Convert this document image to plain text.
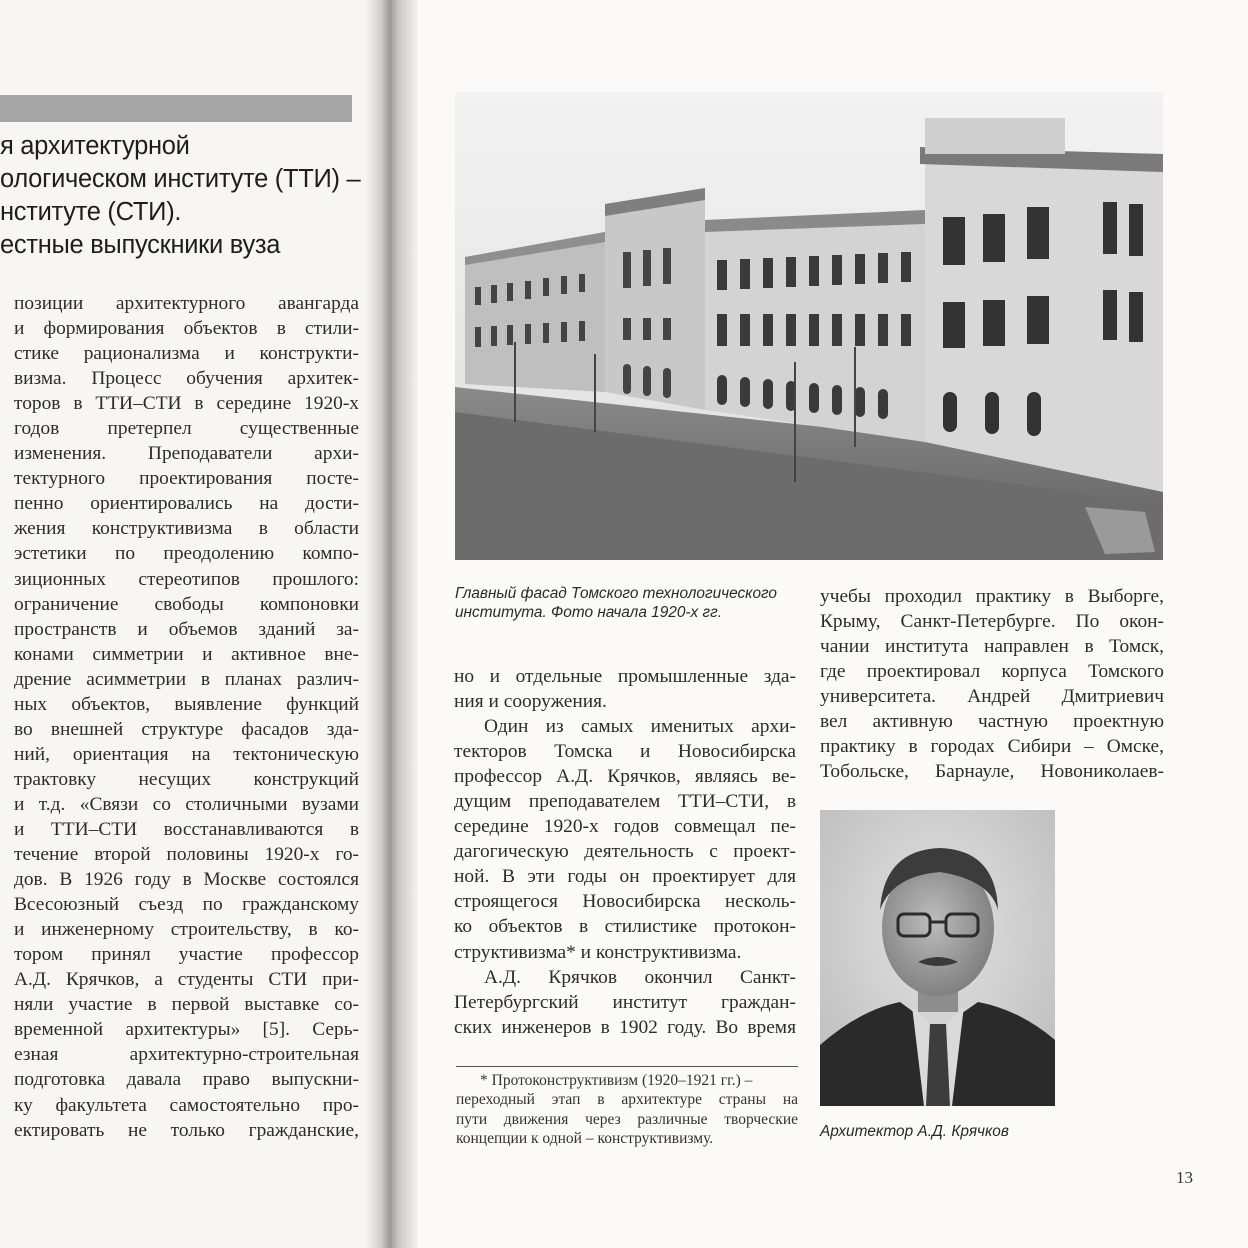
я архитектурной
ологическом институте (ТТИ) –
нституте (СТИ).
естные выпускники вуза
позиции архитектурного авангарда
и формирования объектов в стили-
стике рационализма и конструкти-
визма. Процесс обучения архитек-
торов в ТТИ–СТИ в середине 1920-х
годов претерпел существенные
изменения. Преподаватели архи-
тектурного проектирования посте-
пенно ориентировались на дости-
жения конструктивизма в области
эстетики по преодолению компо-
зиционных стереотипов прошлого:
ограничение свободы компоновки
пространств и объемов зданий за-
конами симметрии и активное вне-
дрение асимметрии в планах различ-
ных объектов, выявление функций
во внешней структуре фасадов зда-
ний, ориентация на тектоническую
трактовку несущих конструкций
и т.д. «Связи со столичными вузами
и ТТИ–СТИ восстанавливаются в
течение второй половины 1920-х го-
дов. В 1926 году в Москве состоялся
Всесоюзный съезд по гражданскому
и инженерному строительству, в ко-
тором принял участие профессор
А.Д. Крячков, а студенты СТИ при-
няли участие в первой выставке со-
временной архитектуры» [5]. Серь-
езная архитектурно-строительная
подготовка давала право выпускни-
ку факультета самостоятельно про-
ектировать не только гражданские,
Главный фасад Томского технологического
института. Фото начала 1920-х гг.
но и отдельные промышленные зда-
ния и сооружения.
Один из самых именитых архи-
текторов Томска и Новосибирска
профессор А.Д. Крячков, являясь ве-
дущим преподавателем ТТИ–СТИ, в
середине 1920-х годов совмещал пе-
дагогическую деятельность с проект-
ной. В эти годы он проектирует для
строящегося Новосибирска несколь-
ко объектов в стилистике протокон-
структивизма* и конструктивизма.
А.Д. Крячков окончил Санкт-
Петербургский институт граждан-
ских инженеров в 1902 году. Во время
* Протоконструктивизм (1920–1921 гг.) –
переходный этап в архитектуре страны на
пути движения через различные творческие
концепции к одной – конструктивизму.
учебы проходил практику в Выборге,
Крыму, Санкт-Петербурге. По окон-
чании института направлен в Томск,
где проектировал корпуса Томского
университета. Андрей Дмитриевич
вел активную частную проектную
практику в городах Сибири – Омске,
Тобольске, Барнауле, Новониколаев-
Архитектор А.Д. Крячков
13
